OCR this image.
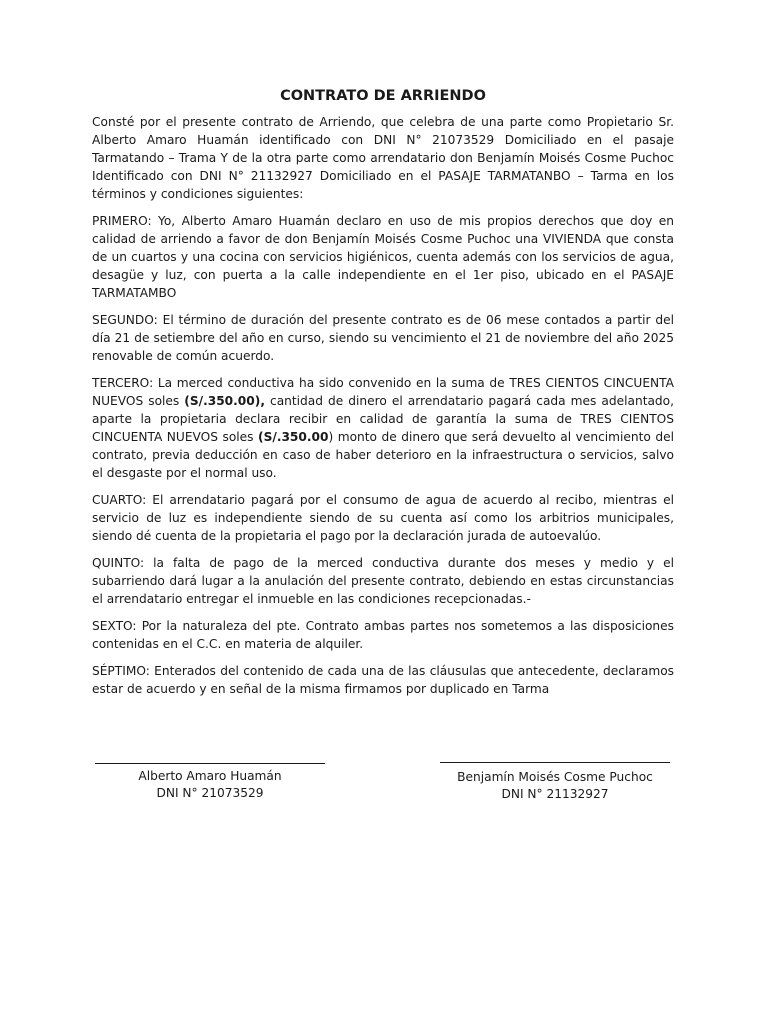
CONTRATO DE ARRIENDO

Consté por el presente contrato de Arriendo, que celebra de una parte como Propietario Sr. Alberto Amaro Huamán identificado con DNI N° 21073529 Domiciliado en el pasaje Tarmatando – Trama Y de la otra parte como arrendatario don Benjamín Moisés Cosme Puchoc Identificado con DNI N° 21132927 Domiciliado en el PASAJE TARMATANBO – Tarma en los términos y condiciones siguientes:

PRIMERO: Yo, Alberto Amaro Huamán declaro en uso de mis propios derechos que doy en calidad de arriendo a favor de don Benjamín Moisés Cosme Puchoc una VIVIENDA que consta de un cuartos y una cocina con servicios higiénicos, cuenta además con los servicios de agua, desagüe y luz, con puerta a la calle independiente en el 1er piso, ubicado en el PASAJE TARMATAMBO

SEGUNDO: El término de duración del presente contrato es de 06 mese contados a partir del día 21 de setiembre del año en curso, siendo su vencimiento el 21 de noviembre del año 2025 renovable de común acuerdo.

TERCERO: La merced conductiva ha sido convenido en la suma de TRES CIENTOS CINCUENTA NUEVOS soles (S/.350.00), cantidad de dinero el arrendatario pagará cada mes adelantado, aparte la propietaria declara recibir en calidad de garantía la suma de TRES CIENTOS CINCUENTA NUEVOS soles (S/.350.00) monto de dinero que será devuelto al vencimiento del contrato, previa deducción en caso de haber deterioro en la infraestructura o servicios, salvo el desgaste por el normal uso.

CUARTO: El arrendatario pagará por el consumo de agua de acuerdo al recibo, mientras el servicio de luz es independiente siendo de su cuenta así como los arbitrios municipales, siendo dé cuenta de la propietaria el pago por la declaración jurada de autoevalúo.

QUINTO: la falta de pago de la merced conductiva durante dos meses y medio y el subarriendo dará lugar a la anulación del presente contrato, debiendo en estas circunstancias el arrendatario entregar el inmueble en las condiciones recepcionadas.-

SEXTO: Por la naturaleza del pte. Contrato ambas partes nos sometemos a las disposiciones contenidas en el C.C. en materia de alquiler.

SÉPTIMO: Enterados del contenido de cada una de las cláusulas que antecedente, declaramos estar de acuerdo y en señal de la misma firmamos por duplicado en Tarma

Alberto Amaro Huamán
DNI N° 21073529
Benjamín Moisés Cosme Puchoc
DNI N° 21132927
